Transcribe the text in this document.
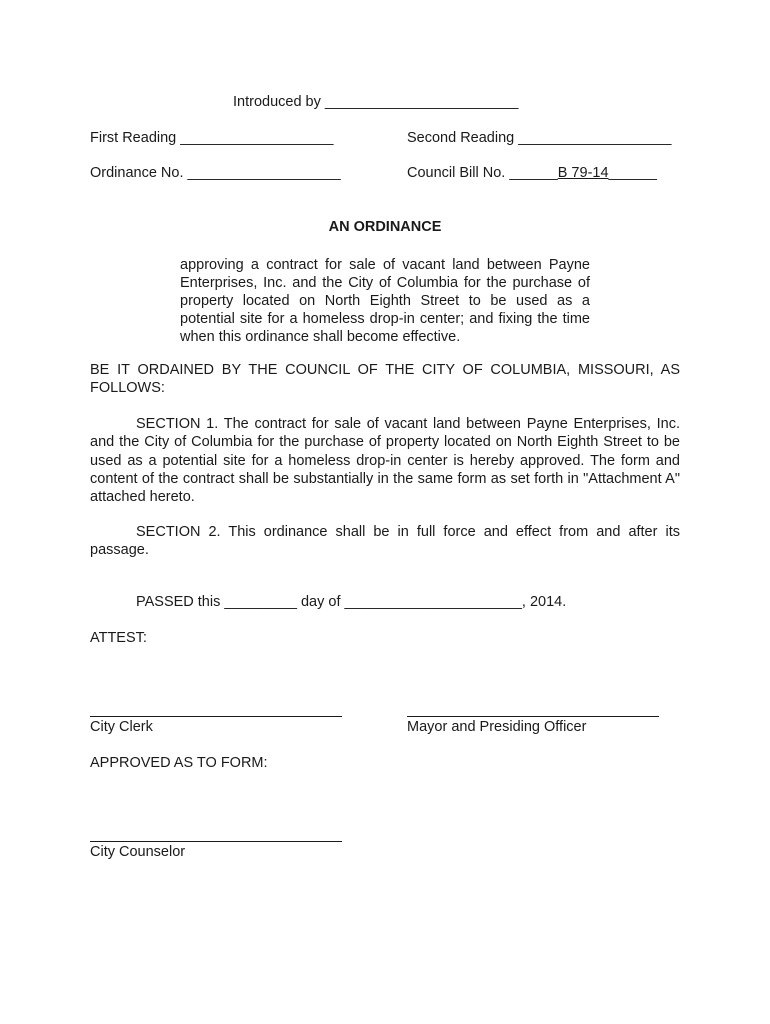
Introduced by ________________________
First Reading ___________________	Second Reading ___________________
Ordinance No. ___________________	Council Bill No. ______B 79-14______
AN ORDINANCE
approving a contract for sale of vacant land between Payne Enterprises, Inc. and the City of Columbia for the purchase of property located on North Eighth Street to be used as a potential site for a homeless drop-in center; and fixing the time when this ordinance shall become effective.
BE IT ORDAINED BY THE COUNCIL OF THE CITY OF COLUMBIA, MISSOURI, AS FOLLOWS:
SECTION 1. The contract for sale of vacant land between Payne Enterprises, Inc. and the City of Columbia for the purchase of property located on North Eighth Street to be used as a potential site for a homeless drop-in center is hereby approved. The form and content of the contract shall be substantially in the same form as set forth in "Attachment A" attached hereto.
SECTION 2. This ordinance shall be in full force and effect from and after its passage.
PASSED this _________ day of ______________________, 2014.
ATTEST:
City Clerk	Mayor and Presiding Officer
APPROVED AS TO FORM:
City Counselor
